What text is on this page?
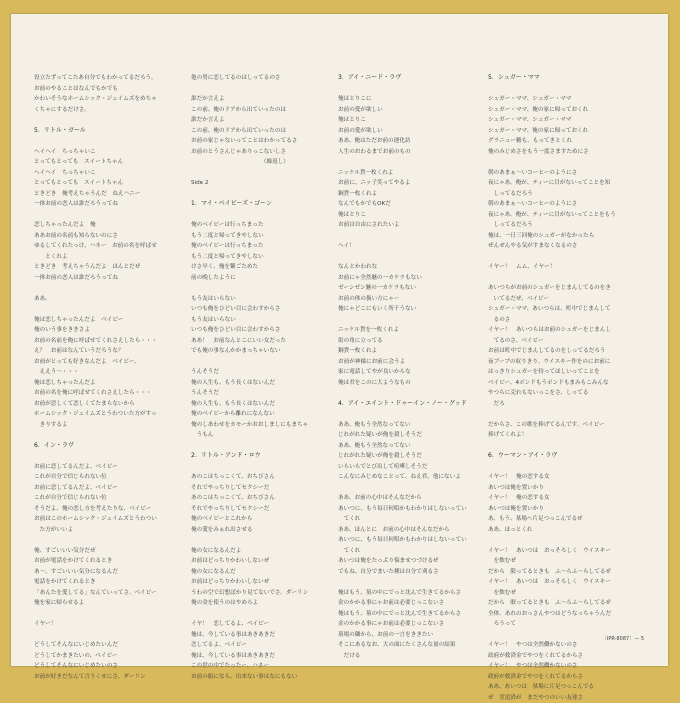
役立たずってこたあ自分でもわかってるだろう。
お前のやることはなんでもかでも
かわいそうなホームシック・ジェイムズをめちゃ
くちゃにするだけさ。
5．リトル・ガール
ヘイヘイ　ちっちゃいこ
とってもとっても　スイートちゃん
ヘイヘイ　ちっちゃいこ
とってもとっても　スイートちゃん
ときどき　俺考えちゃうんだ　ねえハニー
一体お前の恋人は誰だろうってね
恋しちゃったんだよ　俺
ああお前の名前も知らないのにさ
ゆるしてくれたっけ、ハネー　お前の名を呼ばせ
　　とくれよ
ときどき　考えちゃうんだよ　ほんとだぜ
一体お前の恋人は誰だろうってね
ああ、
俺は恋しちゃったんだよ　ベイビー
俺のいう事をききさよ
お前の名前を俺に呼ばせてくれさえしたら・・・
え？　お前はなんていうだろうな？
お前がとっても好きなんだよ　ベイビー、
　ええう～・・・
俺は恋しちゃったんだよ
お前の名を俺に呼ばせてくれさえしたら・・・
お前が恋しくて恋しくてたまらないから
ホームシック・ジェイムズとうわついた方がすっ
　きりするよ
6．イン・ラヴ
お前に恋してるんだよ、ベイビー
これが自分で信じられない位
お前に恋してるんだよ、ベイビー
これが自分で信じられない位
そうだよ、俺の恋し方を考えたりな、ベイビー
お前はこのホームシック・ジェイムズとうわつい
　た方がいいよ
俺、すごいいい気分だぜ
お前が電話をかけてくれるとき
あ～、すごいいい気分になるんだ
電話をかけてくれるとき
「あんたを愛してる」なんていってさ、ベイビー
俺を家に帰らせるよ
イヤー！
どうしてそんなにいじめたいんだ
どうしてかまきたいの、ベイビー
どうしてそんなにいじめたいのさ
お前が好きだなんて言うくせにさ、ダーリン
他の男に恋してるのはしってるのさ
誰だか言えよ
この前、俺のドアから出ていったのは
誰だか言えよ
この前、俺のドアから出ていったのは
お前の家じゃないってことはわかってるさ
お前のとうさんじゃありっこないしさ
　　　　　　　　　　　　　（繰返し）
Side 2
1．マイ・ベイビーズ・ゴーン
俺のベイビーは行っちまった
もう二度と帰ってきやしない
俺のベイビーは行っちまった
もう二度と帰ってきやしない
けさ早く、俺を繋ごためた
前の晩したように
もう友はいらない
いつも俺をひどい目に会わすからさ
もう友はいらない
いつも俺をひどい目に会わすからさ
ああ！　お前なんとこにいい女だった
でも俺の事なんかかまっちゃいない
うんそうだ
俺の人生も、もう長くはないんだ
うんそうだ
俺の人生も、もう長くはないんだ
俺のベイビーから離れになんない
俺のしあわせをカモーかおおしましにもまちゃ
　うもん
2．リトル・アンド・ロウ
あのこはちっこくて、おちびさん
それでやっちりしてセクシーだ
あのこはちっこくて、おちびさん
それでやっちりしてセクシーだ
俺のベイビーとこれから
俺の愛をみぁれ出させる
俺の女になるんだよ
お前はどっちりかわいしないぜ
俺の女になるんだ
お前はどっちりかわいしないぜ
うわの空で幻想ばかり見てないでさ、ダーリン
俺の金を使うのはやめろよ
イヤ！　恋してるよ、ベイビー
俺は、今している事はあきあきだ
恋してるよ、ベイビー
俺は、今している事はあきあきだ
この世の中でたったー、ハネー
お前の船になら、出来ない事はなにもない
3．アイ・ニード・ラヴ
俺はとりこに
お前の愛が欲しい
俺はとりこ
お前の愛が欲しい
ああ、俺はただお前の運化訪
人生のおわるまでお前のもの
ニッケル貨一枚くれよ
お前に、ニッ子笑ってやるよ
銅貨一枚くれよ
なんでもかでもOKだ
俺はとりこ
お前は自由にされたいよ
ヘイ！
なんとかわれな
お前にゃ全然魅の一カケラもない
ゼーンゼン魅の一カケラもない
お前の体の扱い方にゃー
俺にゃどこにもいく所千うない
ニッケル貨を一枚くれよ
街の角に立ってる
銅貨一枚くれよ
お前が神様にお前に会うよ
家に電話してやが良いからな
俺は君をこのに大ようなもの
4．アイ・エイント・ドゥーイン・ノー・グッド
ああ、俺もう全然なってない
じれがれた疑いが俺を殺しそうだ
ああ、俺もう全然なってない
じれがれた疑いが俺を殺しそうだ
いらいらでとび出して喧嘩しそうだ
こんなにみじめなことって、ねえ君、他にないよ
ああ、お前の心中はそんなだから
あいつに、もう毎日何唱かもわかりはしないってい
　てくれ
ああ、ほんとに　お前の心中はそんなだから
あいつに、もう毎日何唱かもわかりはしないってい
　てくれ
あいつは俺をたっぷり悩ませつづけるぜ
でもね、自分でまいた種は自分で刈るさ
俺はもう、墓の中にでっと沈んで生きてるからさ
金のかかる事にゃお前は必要じっこないさ
俺はもう、墓の中にでっと沈んで生きてるからさ
金のかかる事にゃお前は必要じっこないさ
墓場の隣から、お前の一言をききたい
そこにあるなお、大の面にたくさんな量の結果
　だける
5．シュガー・ママ
シュガー・ママ、シュガー・ママ
シュガー・ママ、俺の家に帰っておくれ
シュガー・ママ、シュガー・ママ
シュガー・ママ、俺の家に帰っておくれ
グラニュー糖も、もってきとくれ
俺のみじめさをもう一度さますためにさ
朝のあまぁ～いコーヒーのようにさ
夜にゃあ、俺が、ティーに目がないってことを知
　しってるだろう
朝のあまぁ～いコーヒーのようにさ
夜にゃあ、俺が、ティーに目がないってことをもう
　しってるだろう
俺は、一日三回俺のシュガーがなかったら
ぜんぜんやる気がすまなくなるのさ
イヤー！　ムム、イヤー！
あいつらがお前のシュガーをじまんしてるのをき
　いてるだぜ、ベイビー
シュガー・ママ、あいつらは、町中でじまんして
　るのさ
イヤー！　あいつらはお前のシュガーをじまんし
　てるのさ、ベイビー
お前は町中でじまんしてるのをしってるだろう
夜ブーブの収りきり、ウイスキー作をのにお前に
はっきりシュガーを持ってほしいってことを
ベイビー、4ポンドもうポンドもまみもこみんな
やつらに売れもないっこをさ、しってる
　だろ
だからさ、この歌を捧げてるんです、ベイビー
捧げてくれよ！
6．ウーマン・アイ・ラヴ
イヤー！　俺の恋する女
あいつは俺を置いかり
イヤー！　俺の恋する女
あいつは俺を置いかり
あ、もう、墓場へ片足つっこんでるぜ
ああ、ほっとくれ
イヤー！　あいつは　おっそろしく　ウイスキー
　を飲むぜ
だから　限ってるときも　ふ～らふ～らしてるぜ
イヤー！　あいつは　おっそろしく　ウイスキー
　を飲むぜ
だから　眠ってるときも　ふ～らふ～らしてるぜ
全体、あれのおっさんやつはどうなっちゃうんだ
　ろうって
イヤー！　やつは全然働かないのさ
政府が救済金でやつをくれてるからさ
イヤー！　やつは全然働かないのさ
政府が救済金でやつをくれてるからさ
ああ、あいつは　墓場に片足つっこんでる
ぜ　堂追済が　まだやつのいい友達さ
〔IPR-8087〕— 5
